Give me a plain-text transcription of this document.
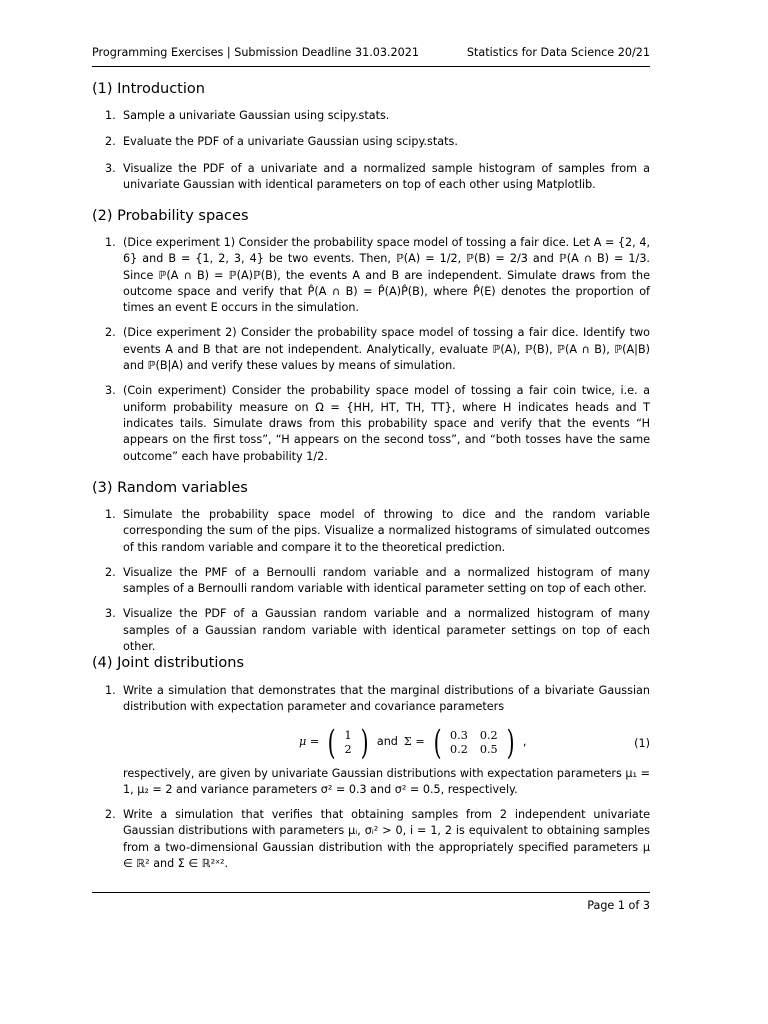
Programming Exercises | Submission Deadline 31.03.2021	Statistics for Data Science 20/21
(1) Introduction
1. Sample a univariate Gaussian using scipy.stats.
2. Evaluate the PDF of a univariate Gaussian using scipy.stats.
3. Visualize the PDF of a univariate and a normalized sample histogram of samples from a univariate Gaussian with identical parameters on top of each other using Matplotlib.
(2) Probability spaces
1. (Dice experiment 1) Consider the probability space model of tossing a fair dice. Let A = {2, 4, 6} and B = {1, 2, 3, 4} be two events. Then, ℙ(A) = 1/2, ℙ(B) = 2/3 and ℙ(A ∩ B) = 1/3. Since ℙ(A ∩ B) = ℙ(A)ℙ(B), the events A and B are independent. Simulate draws from the outcome space and verify that P̂(A ∩ B) = P̂(A)P̂(B), where P̂(E) denotes the proportion of times an event E occurs in the simulation.
2. (Dice experiment 2) Consider the probability space model of tossing a fair dice. Identify two events A and B that are not independent. Analytically, evaluate ℙ(A), ℙ(B), ℙ(A ∩ B), ℙ(A|B) and ℙ(B|A) and verify these values by means of simulation.
3. (Coin experiment) Consider the probability space model of tossing a fair coin twice, i.e. a uniform probability measure on Ω = {HH, HT, TH, TT}, where H indicates heads and T indicates tails. Simulate draws from this probability space and verify that the events “H appears on the first toss”, “H appears on the second toss”, and “both tosses have the same outcome” each have probability 1/2.
(3) Random variables
1. Simulate the probability space model of throwing to dice and the random variable corresponding the sum of the pips. Visualize a normalized histograms of simulated outcomes of this random variable and compare it to the theoretical prediction.
2. Visualize the PMF of a Bernoulli random variable and a normalized histogram of many samples of a Bernoulli random variable with identical parameter setting on top of each other.
3. Visualize the PDF of a Gaussian random variable and a normalized histogram of many samples of a Gaussian random variable with identical parameter settings on top of each other.
(4) Joint distributions
1. Write a simulation that demonstrates that the marginal distributions of a bivariate Gaussian distribution with expectation parameter and covariance parameters
μ = ( 1
2 ) and Σ = ( 0.3 0.2
0.2 0.5 ) ,	(1)
respectively, are given by univariate Gaussian distributions with expectation parameters μ₁ = 1, μ₂ = 2 and variance parameters σ² = 0.3 and σ² = 0.5, respectively.
2. Write a simulation that verifies that obtaining samples from 2 independent univariate Gaussian distributions with parameters μᵢ, σᵢ² > 0, i = 1, 2 is equivalent to obtaining samples from a two-dimensional Gaussian distribution with the appropriately specified parameters μ ∈ ℝ² and Σ ∈ ℝ²ˣ².
Page 1 of 3
